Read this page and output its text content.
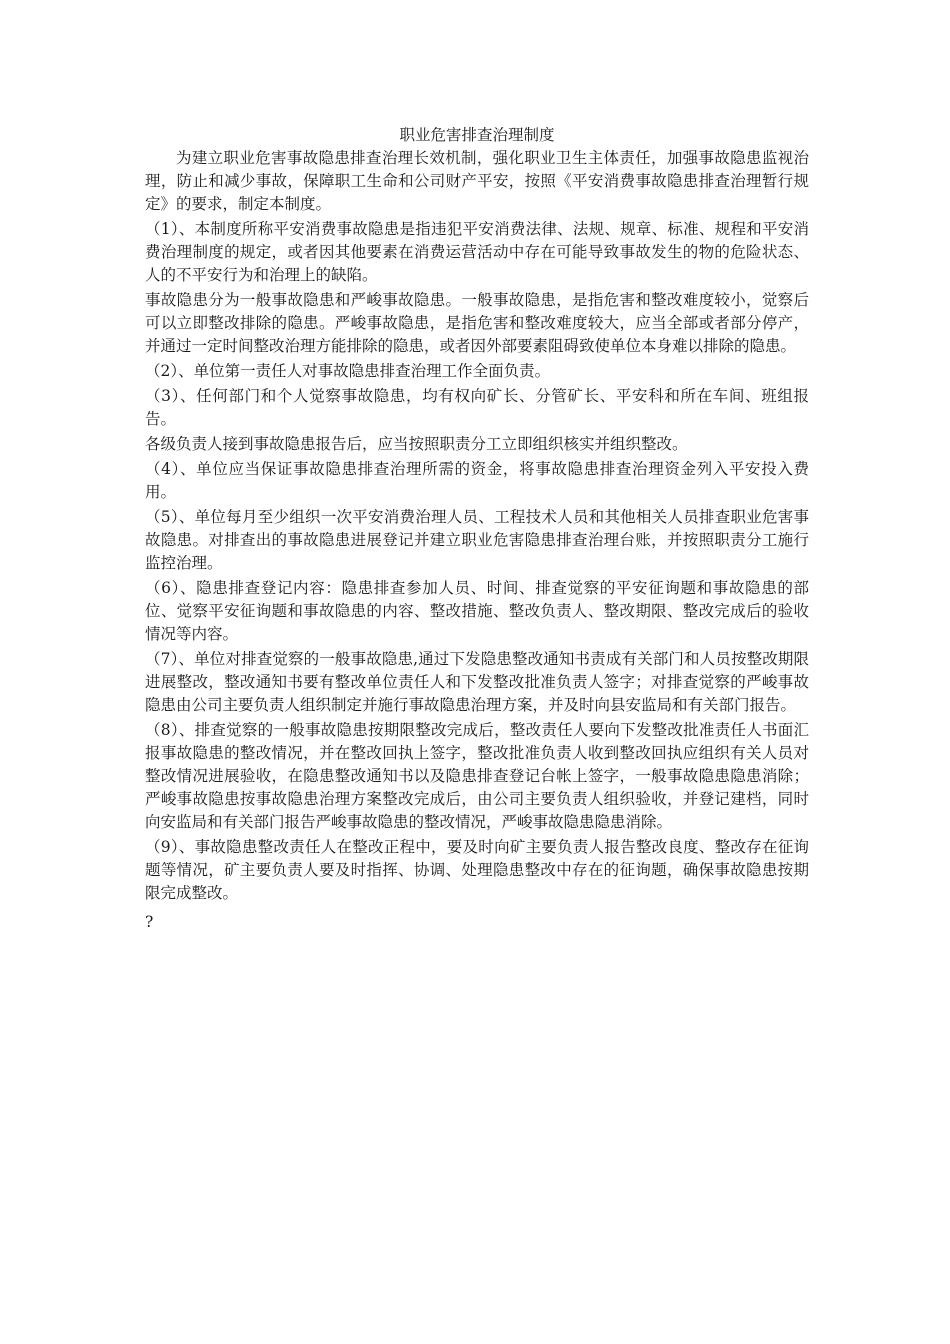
职业危害排查治理制度

为建立职业危害事故隐患排查治理长效机制，强化职业卫生主体责任，加强事故隐患监视治理，防止和减少事故，保障职工生命和公司财产平安，按照《平安消费事故隐患排查治理暂行规定》的要求，制定本制度。

（1）、本制度所称平安消费事故隐患是指违犯平安消费法律、法规、规章、标准、规程和平安消费治理制度的规定，或者因其他要素在消费运营活动中存在可能导致事故发生的物的危险状态、人的不平安行为和治理上的缺陷。

事故隐患分为一般事故隐患和严峻事故隐患。一般事故隐患，是指危害和整改难度较小，觉察后可以立即整改排除的隐患。严峻事故隐患，是指危害和整改难度较大，应当全部或者部分停产，并通过一定时间整改治理方能排除的隐患，或者因外部要素阻碍致使单位本身难以排除的隐患。

（2）、单位第一责任人对事故隐患排查治理工作全面负责。

（3）、任何部门和个人觉察事故隐患，均有权向矿长、分管矿长、平安科和所在车间、班组报告。

各级负责人接到事故隐患报告后，应当按照职责分工立即组织核实并组织整改。

（4）、单位应当保证事故隐患排查治理所需的资金，将事故隐患排查治理资金列入平安投入费用。

（5）、单位每月至少组织一次平安消费治理人员、工程技术人员和其他相关人员排查职业危害事故隐患。对排查出的事故隐患进展登记并建立职业危害隐患排查治理台账，并按照职责分工施行监控治理。

（6）、隐患排查登记内容：隐患排查参加人员、时间、排查觉察的平安征询题和事故隐患的部位、觉察平安征询题和事故隐患的内容、整改措施、整改负责人、整改期限、整改完成后的验收情况等内容。

（7）、单位对排查觉察的一般事故隐患,通过下发隐患整改通知书责成有关部门和人员按整改期限进展整改，整改通知书要有整改单位责任人和下发整改批准负责人签字；对排查觉察的严峻事故隐患由公司主要负责人组织制定并施行事故隐患治理方案，并及时向县安监局和有关部门报告。

（8）、排查觉察的一般事故隐患按期限整改完成后，整改责任人要向下发整改批准责任人书面汇报事故隐患的整改情况，并在整改回执上签字，整改批准负责人收到整改回执应组织有关人员对整改情况进展验收，在隐患整改通知书以及隐患排查登记台帐上签字，一般事故隐患隐患消除；严峻事故隐患按事故隐患治理方案整改完成后，由公司主要负责人组织验收，并登记建档，同时向安监局和有关部门报告严峻事故隐患的整改情况，严峻事故隐患隐患消除。

（9）、事故隐患整改责任人在整改正程中，要及时向矿主要负责人报告整改良度、整改存在征询题等情况，矿主要负责人要及时指挥、协调、处理隐患整改中存在的征询题，确保事故隐患按期限完成整改。

?
